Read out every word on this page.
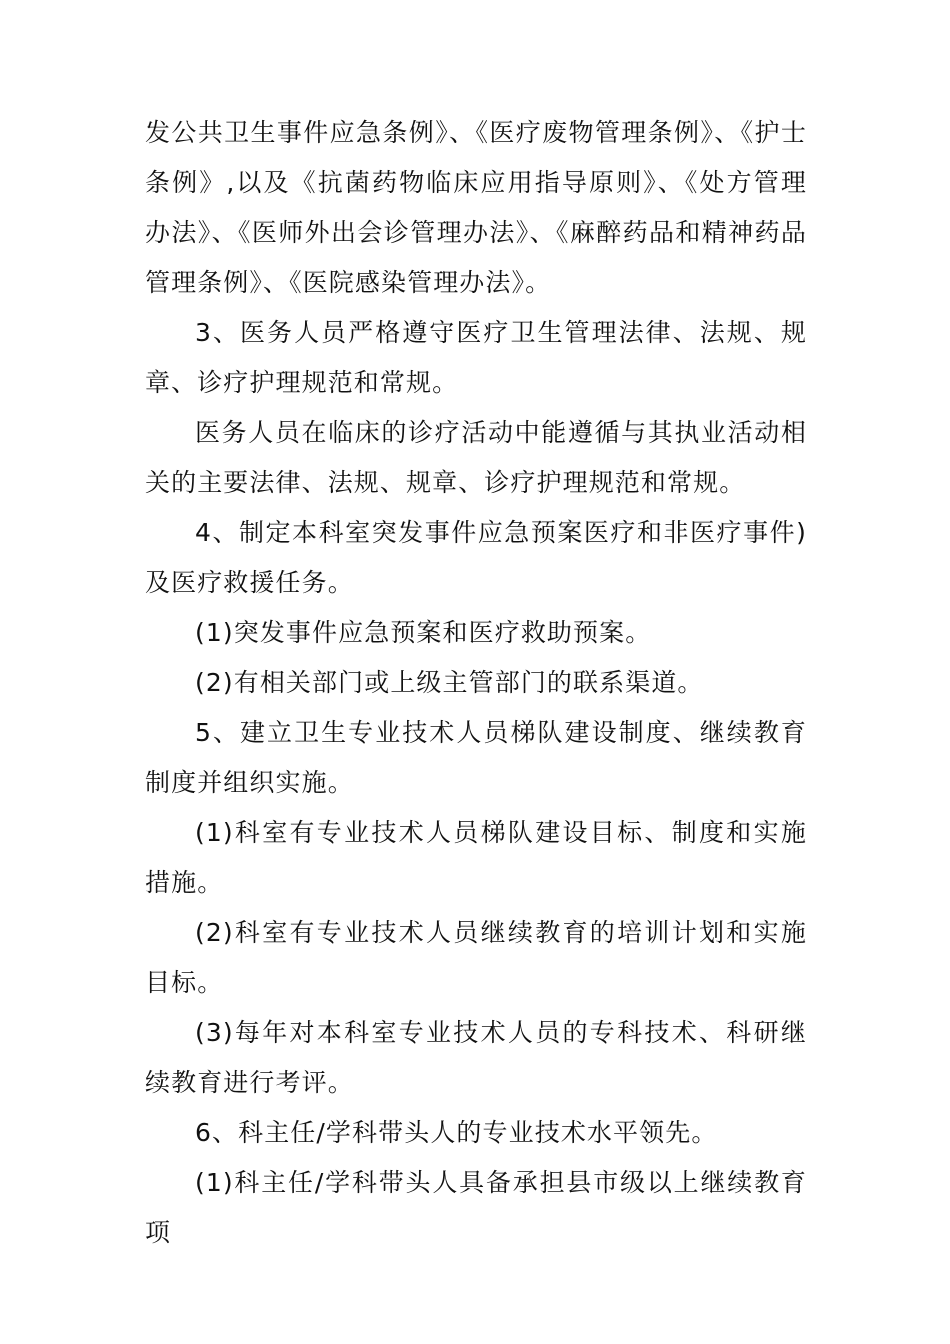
发公共卫生事件应急条例》、《医疗废物管理条例》、《护士条例》,以及《抗菌药物临床应用指导原则》、《处方管理办法》、《医师外出会诊管理办法》、《麻醉药品和精神药品管理条例》、《医院感染管理办法》。

3、医务人员严格遵守医疗卫生管理法律、法规、规章、诊疗护理规范和常规。

医务人员在临床的诊疗活动中能遵循与其执业活动相关的主要法律、法规、规章、诊疗护理规范和常规。

4、制定本科室突发事件应急预案医疗和非医疗事件)及医疗救援任务。

(1)突发事件应急预案和医疗救助预案。

(2)有相关部门或上级主管部门的联系渠道。

5、建立卫生专业技术人员梯队建设制度、继续教育制度并组织实施。

(1)科室有专业技术人员梯队建设目标、制度和实施措施。

(2)科室有专业技术人员继续教育的培训计划和实施目标。

(3)每年对本科室专业技术人员的专科技术、科研继续教育进行考评。

6、科主任/学科带头人的专业技术水平领先。

(1)科主任/学科带头人具备承担县市级以上继续教育项
